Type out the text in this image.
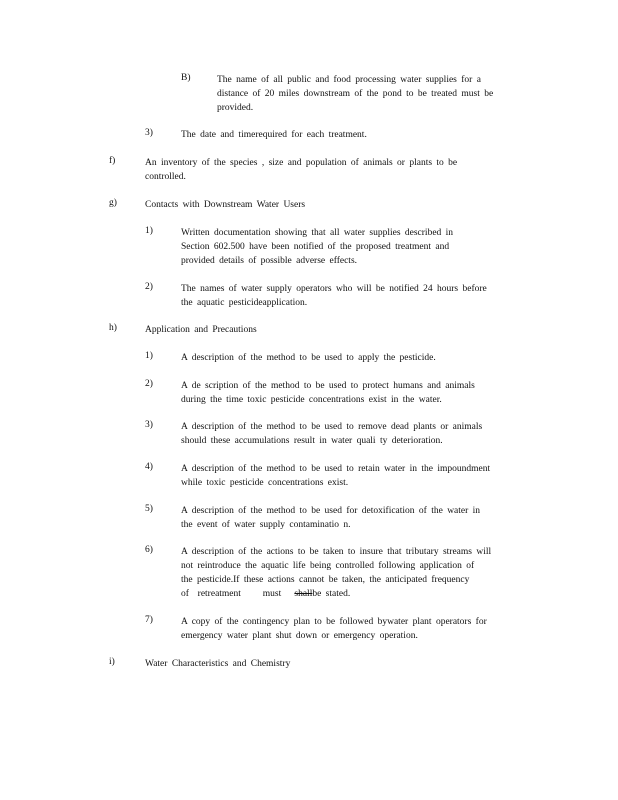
B)	The name of all public and food processing water supplies for a
distance of 20 miles downstream of the pond to be treated must be
provided.
3)	The date and timerequired for each treatment.
f)	An inventory of the species , size and population of animals or plants to be
controlled.
g)	Contacts with Downstream Water Users
1)	Written documentation showing that all water supplies described in
Section 602.500 have been notified of the proposed treatment and
provided details of possible adverse effects.
2)	The names of water supply operators who will be notified 24 hours before
the aquatic pesticideapplication.
h)	Application and Precautions
1)	A description of the method to be used to apply the pesticide.
2)	A de scription of the method to be used to protect humans and animals
during the time toxic pesticide concentrations exist in the water.
3)	A description of the method to be used to remove dead plants or animals
should these accumulations result in water quali ty deterioration.
4)	A description of the method to be used to retain water in the impoundment
while toxic pesticide concentrations exist.
5)	A description of the method to be used for detoxification of the water in
the event of water supply contaminatio n.
6)	A description of the actions to be taken to insure that tributary streams will
not reintroduce the aquatic life being controlled following application of
the pesticide.If these actions cannot be taken, the anticipated frequency
of  retreatment     must   shallbe stated.
7)	A copy of the contingency plan to be followed bywater plant operators for
emergency water plant shut down or emergency operation.
i)	Water Characteristics and Chemistry
